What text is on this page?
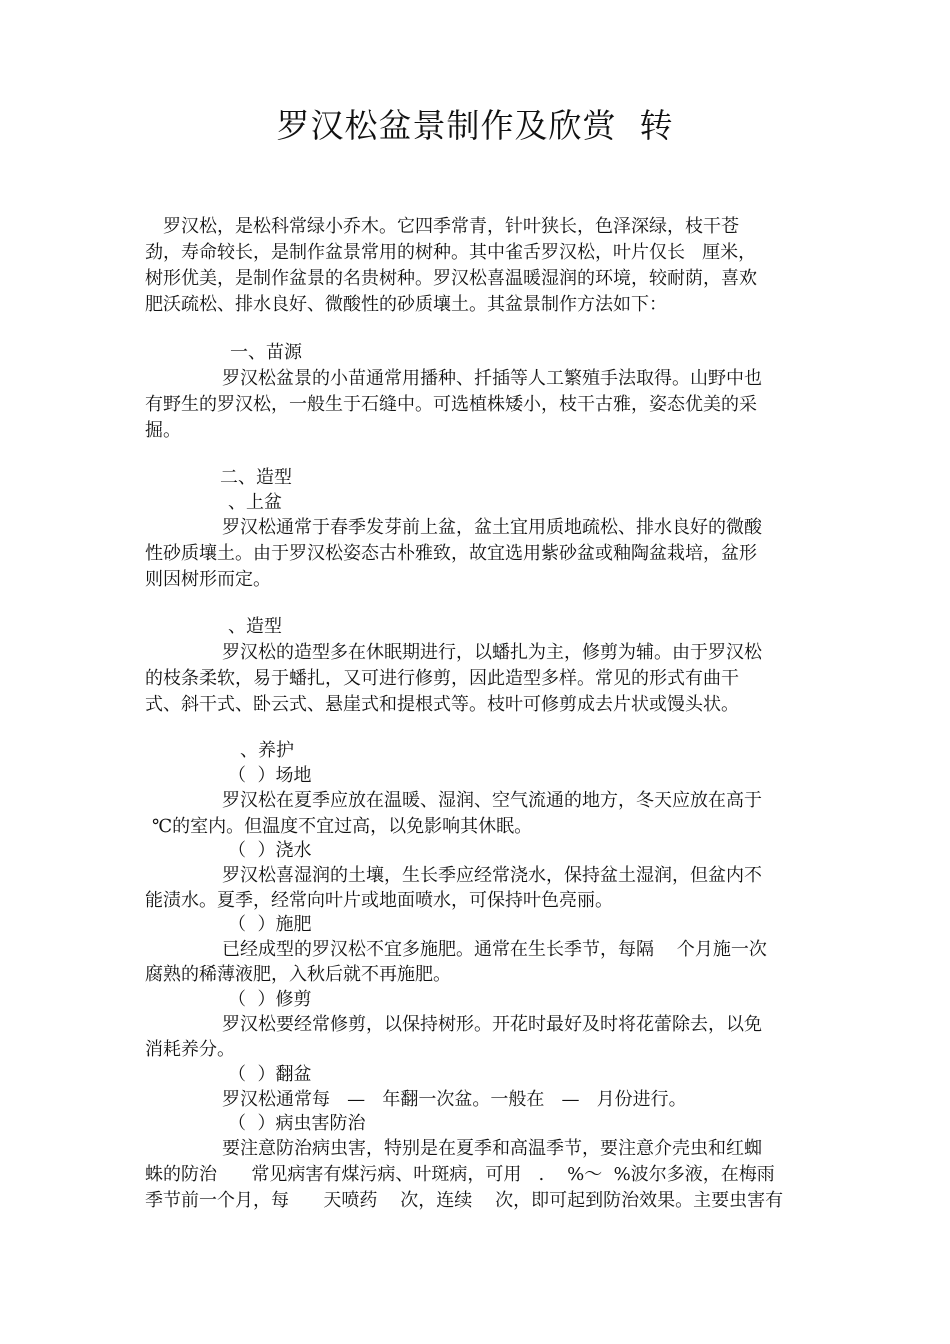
罗汉松盆景制作及欣赏  转
罗汉松，是松科常绿小乔木。它四季常青，针叶狭长，色泽深绿，枝干苍
劲，寿命较长，是制作盆景常用的树种。其中雀舌罗汉松，叶片仅长   厘米，
树形优美，是制作盆景的名贵树种。罗汉松喜温暖湿润的环境，较耐荫，喜欢
肥沃疏松、排水良好、微酸性的砂质壤土。其盆景制作方法如下：
一、苗源
罗汉松盆景的小苗通常用播种、扦插等人工繁殖手法取得。山野中也
有野生的罗汉松，一般生于石缝中。可选植株矮小，枝干古雅，姿态优美的采
掘。
二、造型
、上盆
罗汉松通常于春季发芽前上盆，盆土宜用质地疏松、排水良好的微酸
性砂质壤土。由于罗汉松姿态古朴雅致，故宜选用紫砂盆或釉陶盆栽培，盆形
则因树形而定。
、造型
罗汉松的造型多在休眠期进行，以蟠扎为主，修剪为辅。由于罗汉松
的枝条柔软，易于蟠扎，又可进行修剪，因此造型多样。常见的形式有曲干
式、斜干式、卧云式、悬崖式和提根式等。枝叶可修剪成去片状或馒头状。
、养护
（  ）场地
罗汉松在夏季应放在温暖、湿润、空气流通的地方，冬天应放在高于
℃的室内。但温度不宜过高，以免影响其休眠。
（  ）浇水
罗汉松喜湿润的土壤，生长季应经常浇水，保持盆土湿润，但盆内不
能渍水。夏季，经常向叶片或地面喷水，可保持叶色亮丽。
（  ）施肥
已经成型的罗汉松不宜多施肥。通常在生长季节，每隔    个月施一次
腐熟的稀薄液肥，入秋后就不再施肥。
（  ）修剪
罗汉松要经常修剪，以保持树形。开花时最好及时将花蕾除去，以免
消耗养分。
（  ）翻盆
罗汉松通常每   —   年翻一次盆。一般在   —   月份进行。
（  ）病虫害防治
要注意防治病虫害，特别是在夏季和高温季节，要注意介壳虫和红蜘
蛛的防治      常见病害有煤污病、叶斑病，可用   .    %～  %波尔多液，在梅雨
季节前一个月，每      天喷药    次，连续    次，即可起到防治效果。主要虫害有
